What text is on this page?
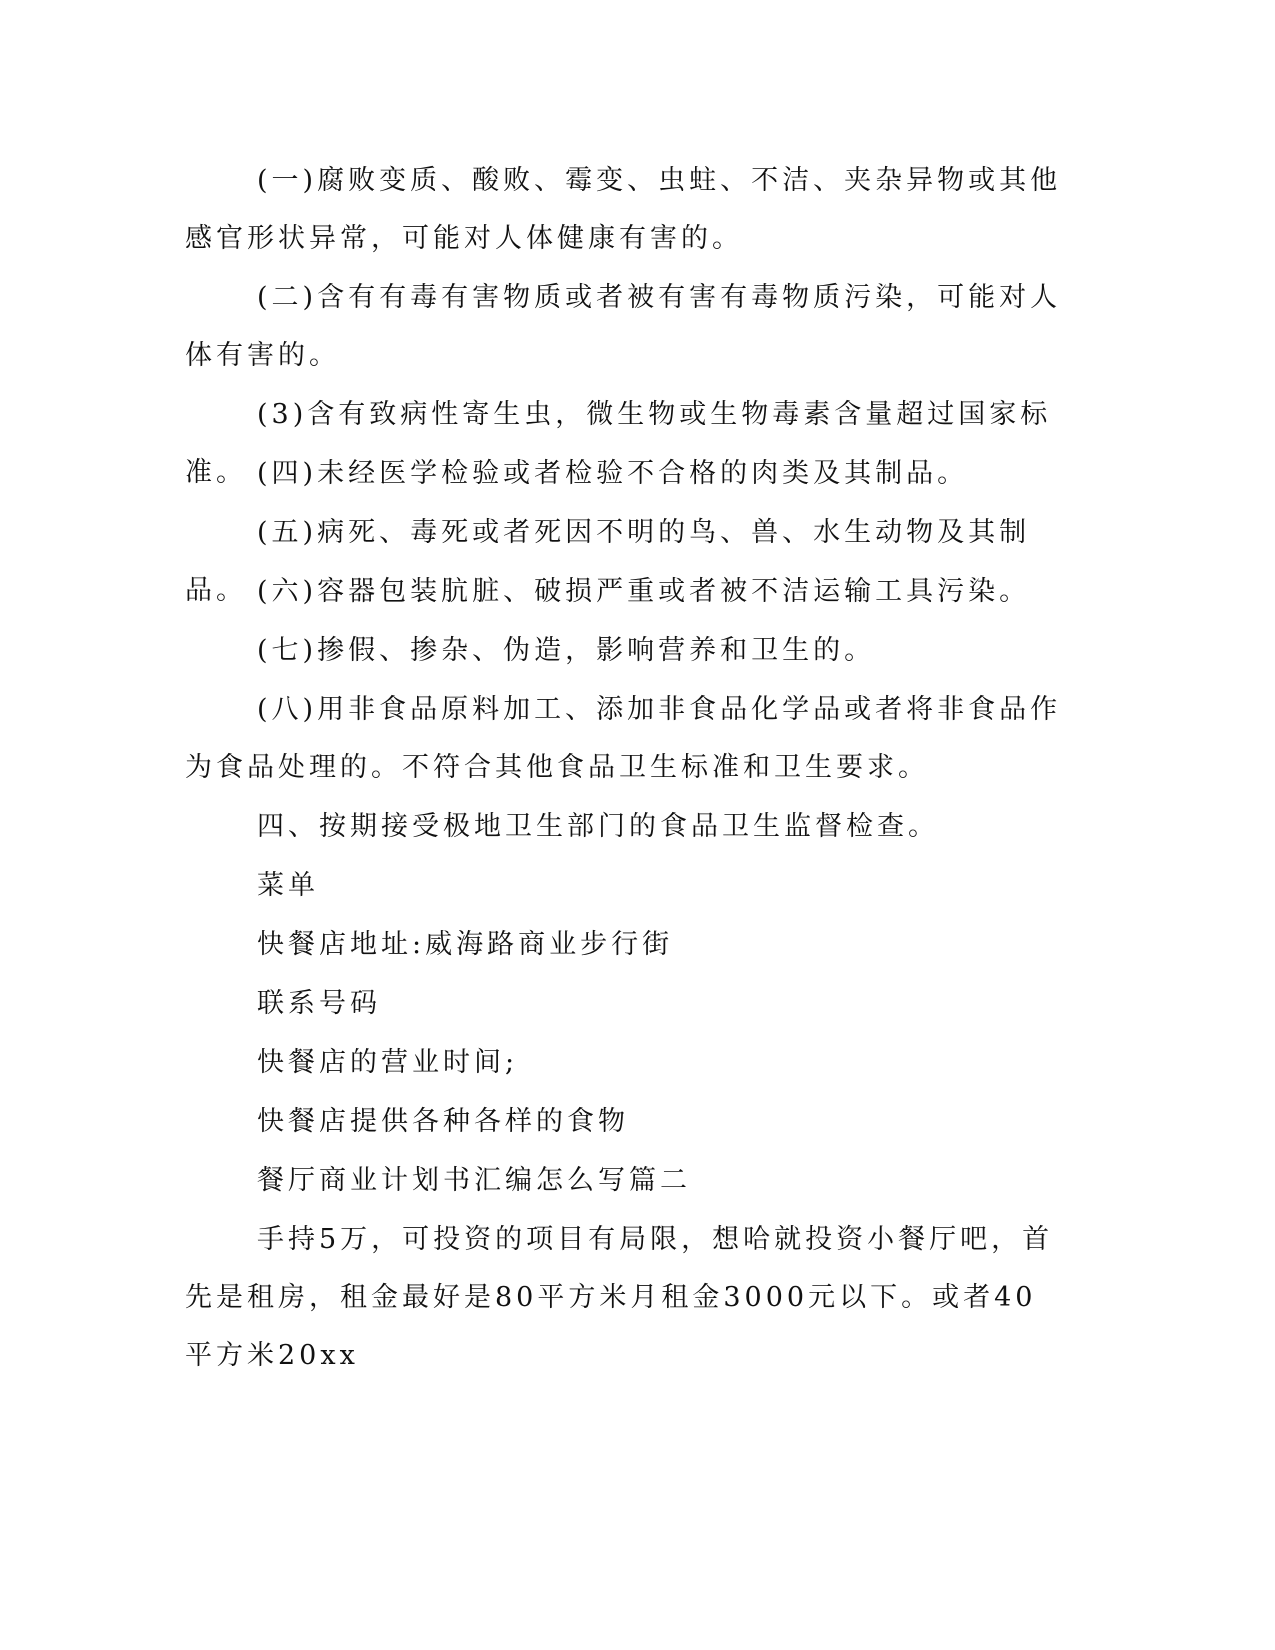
(一)腐败变质、酸败、霉变、虫蛀、不洁、夹杂异物或其他感官形状异常，可能对人体健康有害的。

(二)含有有毒有害物质或者被有害有毒物质污染，可能对人体有害的。

(3)含有致病性寄生虫，微生物或生物毒素含量超过国家标准。 (四)未经医学检验或者检验不合格的肉类及其制品。

(五)病死、毒死或者死因不明的鸟、兽、水生动物及其制品。 (六)容器包装肮脏、破损严重或者被不洁运输工具污染。

(七)掺假、掺杂、伪造，影响营养和卫生的。

(八)用非食品原料加工、添加非食品化学品或者将非食品作为食品处理的。不符合其他食品卫生标准和卫生要求。

四、按期接受极地卫生部门的食品卫生监督检查。

菜单

快餐店地址:威海路商业步行街

联系号码

快餐店的营业时间;

快餐店提供各种各样的食物

餐厅商业计划书汇编怎么写篇二

手持5万，可投资的项目有局限，想哈就投资小餐厅吧，首先是租房，租金最好是80平方米月租金3000元以下。或者40平方米20xx
